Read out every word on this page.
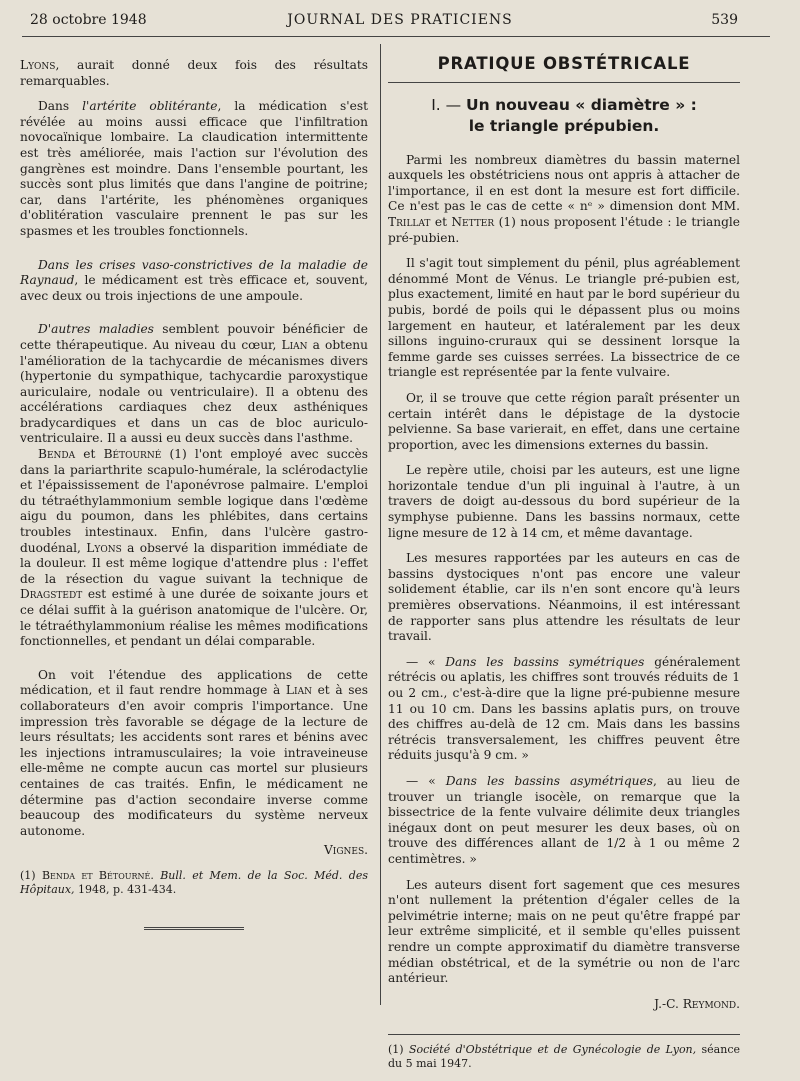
28 octobre 1948	JOURNAL DES PRATICIENS	539

Lyons, aurait donné deux fois des résultats remarquables.

Dans l'artérite oblitérante, la médication s'est révélée au moins aussi efficace que l'infiltration novocaïnique lombaire. La claudication intermittente est très améliorée, mais l'action sur l'évolution des gangrènes est moindre. Dans l'ensemble pourtant, les succès sont plus limités que dans l'angine de poitrine; car, dans l'artérite, les phénomènes organiques d'oblitération vasculaire prennent le pas sur les spasmes et les troubles fonctionnels.

Dans les crises vaso-constrictives de la maladie de Raynaud, le médicament est très efficace et, souvent, avec deux ou trois injections de une ampoule.

D'autres maladies semblent pouvoir bénéficier de cette thérapeutique. Au niveau du cœur, Lian a obtenu l'amélioration de la tachycardie de mécanismes divers (hypertonie du sympathique, tachycardie paroxystique auriculaire, nodale ou ventriculaire). Il a obtenu des accélérations cardiaques chez deux asthéniques bradycardiques et dans un cas de bloc auriculo-ventriculaire. Il a aussi eu deux succès dans l'asthme.

Benda et Bétourné (1) l'ont employé avec succès dans la pariarthrite scapulo-humérale, la sclérodactylie et l'épaississement de l'aponévrose palmaire. L'emploi du tétraéthylammonium semble logique dans l'œdème aigu du poumon, dans les phlébites, dans certains troubles intestinaux. Enfin, dans l'ulcère gastro-duodénal, Lyons a observé la disparition immédiate de la douleur. Il est même logique d'attendre plus : l'effet de la résection du vague suivant la technique de Dragstedt est estimé à une durée de soixante jours et ce délai suffit à la guérison anatomique de l'ulcère. Or, le tétraéthylammonium réalise les mêmes modifications fonctionnelles, et pendant un délai comparable.

On voit l'étendue des applications de cette médication, et il faut rendre hommage à Lian et à ses collaborateurs d'en avoir compris l'importance. Une impression très favorable se dégage de la lecture de leurs résultats; les accidents sont rares et bénins avec les injections intramusculaires; la voie intraveineuse elle-même ne compte aucun cas mortel sur plusieurs centaines de cas traités. Enfin, le médicament ne détermine pas d'action secondaire inverse comme beaucoup des modificateurs du système nerveux autonome.

Vignes.

(1) Benda et Bétourné. Bull. et Mem. de la Soc. Méd. des Hôpitaux, 1948, p. 431-434.

PRATIQUE OBSTÉTRICALE
I. — Un nouveau « diamètre » :
le triangle prépubien.

Parmi les nombreux diamètres du bassin maternel auxquels les obstétriciens nous ont appris à attacher de l'importance, il en est dont la mesure est fort difficile. Ce n'est pas le cas de cette « nᵉ » dimension dont MM. Trillat et Netter (1) nous proposent l'étude : le triangle pré-pubien.

Il s'agit tout simplement du pénil, plus agréablement dénommé Mont de Vénus. Le triangle pré-pubien est, plus exactement, limité en haut par le bord supérieur du pubis, bordé de poils qui le dépassent plus ou moins largement en hauteur, et latéralement par les deux sillons inguino-cruraux qui se dessinent lorsque la femme garde ses cuisses serrées. La bissectrice de ce triangle est représentée par la fente vulvaire.

Or, il se trouve que cette région paraît présenter un certain intérêt dans le dépistage de la dystocie pelvienne. Sa base varierait, en effet, dans une certaine proportion, avec les dimensions externes du bassin.

Le repère utile, choisi par les auteurs, est une ligne horizontale tendue d'un pli inguinal à l'autre, à un travers de doigt au-dessous du bord supérieur de la symphyse pubienne. Dans les bassins normaux, cette ligne mesure de 12 à 14 cm, et même davantage.

Les mesures rapportées par les auteurs en cas de bassins dystociques n'ont pas encore une valeur solidement établie, car ils n'en sont encore qu'à leurs premières observations. Néanmoins, il est intéressant de rapporter sans plus attendre les résultats de leur travail.

— « Dans les bassins symétriques généralement rétrécis ou aplatis, les chiffres sont trouvés réduits de 1 ou 2 cm., c'est-à-dire que la ligne pré-pubienne mesure 11 ou 10 cm. Dans les bassins aplatis purs, on trouve des chiffres au-delà de 12 cm. Mais dans les bassins rétrécis transversalement, les chiffres peuvent être réduits jusqu'à 9 cm. »

— « Dans les bassins asymétriques, au lieu de trouver un triangle isocèle, on remarque que la bissectrice de la fente vulvaire délimite deux triangles inégaux dont on peut mesurer les deux bases, où on trouve des différences allant de 1/2 à 1 ou même 2 centimètres. »

Les auteurs disent fort sagement que ces mesures n'ont nullement la prétention d'égaler celles de la pelvimétrie interne; mais on ne peut qu'être frappé par leur extrême simplicité, et il semble qu'elles puissent rendre un compte approximatif du diamètre transverse médian obstétrical, et de la symétrie ou non de l'arc antérieur.

J.-C. Reymond.

(1) Société d'Obstétrique et de Gynécologie de Lyon, séance du 5 mai 1947.
